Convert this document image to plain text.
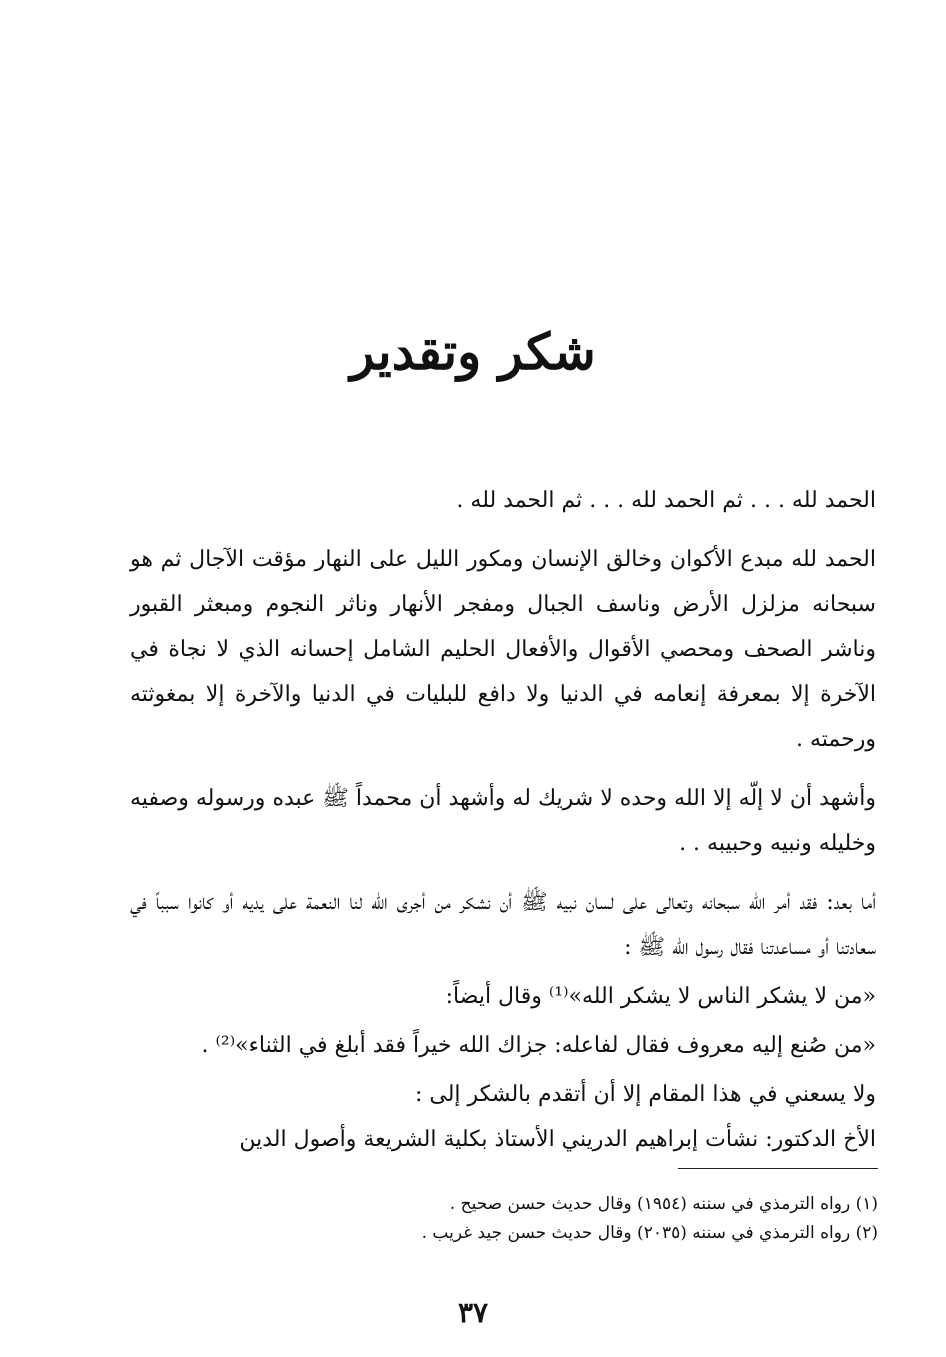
شكر وتقدير

الحمد لله . . . ثم الحمد لله . . . ثم الحمد لله .

الحمد لله مبدع الأكوان وخالق الإنسان ومكور الليل على النهار مؤقت الآجال ثم هو سبحانه مزلزل الأرض وناسف الجبال ومفجر الأنهار وناثر النجوم ومبعثر القبور وناشر الصحف ومحصي الأقوال والأفعال الحليم الشامل إحسانه الذي لا نجاة في الآخرة إلا بمعرفة إنعامه في الدنيا ولا دافع للبليات في الدنيا والآخرة إلا بمغوثته ورحمته .

وأشهد أن لا إلّه إلا الله وحده لا شريك له وأشهد أن محمداً ﷺ عبده ورسوله وصفيه وخليله ونبيه وحبيبه . .

أما بعد: فقد أمر الله سبحانه وتعالى على لسان نبيه ﷺ أن نشكر من أجرى الله لنا النعمة على يديه أو كانوا سبباً في سعادتنا أو مساعدتنا فقال رسول الله ﷺ :

«من لا يشكر الناس لا يشكر الله»⁽¹⁾ وقال أيضاً:

«من صُنع إليه معروف فقال لفاعله: جزاك الله خيراً فقد أبلغ في الثناء»⁽²⁾ .

ولا يسعني في هذا المقام إلا أن أتقدم بالشكر إلى :

الأخ الدكتور: نشأت إبراهيم الدريني الأستاذ بكلية الشريعة وأصول الدين

(١) رواه الترمذي في سننه (١٩٥٤) وقال حديث حسن صحيح .
(٢) رواه الترمذي في سننه (٢٠٣٥) وقال حديث حسن جيد غريب .
٣٧
